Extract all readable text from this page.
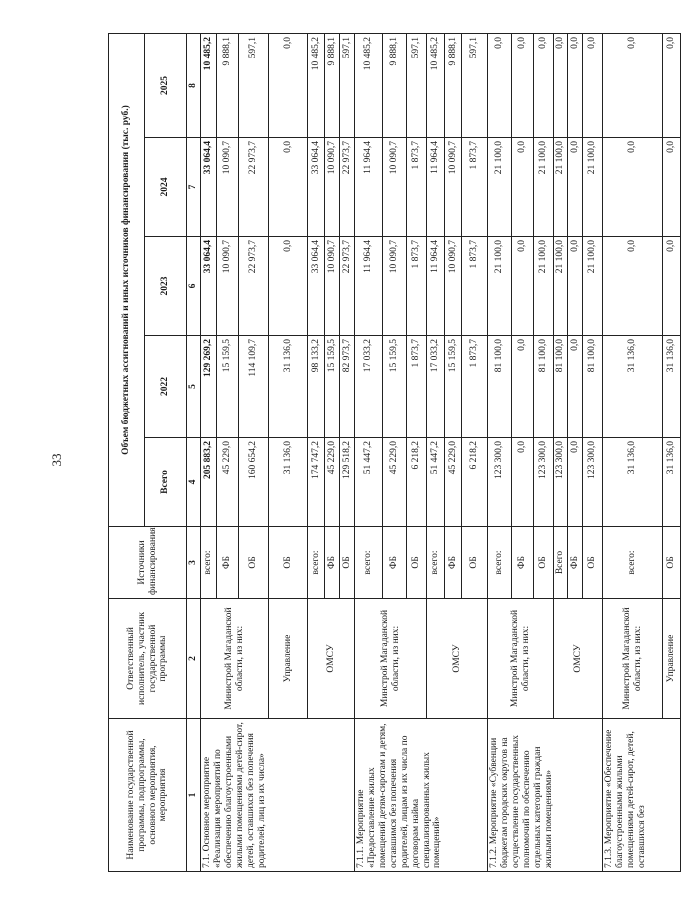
33
Наименование государственной программы, подпрограммы, основного мероприятия, мероприятия	Ответственный исполнитель, участник государственной программы	Источники финансирования	Объем бюджетных ассигнований и иных источников финансирования (тыс. руб.)				
			Всего	2022	2023	2024	2025
1	2	3	4	5	6	7	8
7.1. Основное мероприятие «Реализация мероприятий по обеспечению благоустроенными жилыми помещениями детей-сирот, детей, оставшихся без попечения родителей, лиц из их числа»	Министрой Магаданской области, из них:	всего:	205 883,2	129 269,2	33 064,4	33 064,4	10 485,2
		ФБ	45 229,0	15 159,5	10 090,7	10 090,7	9 888,1
		ОБ	160 654,2	114 109,7	22 973,7	22 973,7	597,1
	Управление	ОБ	31 136,0	31 136,0	0,0	0,0	0,0
	ОМСУ	всего:	174 747,2	98 133,2	33 064,4	33 064,4	10 485,2
		ФБ	45 229,0	15 159,5	10 090,7	10 090,7	9 888,1
		ОБ	129 518,2	82 973,7	22 973,7	22 973,7	597,1
7.1.1. Мероприятие «Предоставление жилых помещений детям-сиротам и детям, оставшимся без попечения родителей, лицам из их числа по договорам найма специализированных жилых помещений»	Минстрой Магаданской области, из них:	всего:	51 447,2	17 033,2	11 964,4	11 964,4	10 485,2
		ФБ	45 229,0	15 159,5	10 090,7	10 090,7	9 888,1
		ОБ	6 218,2	1 873,7	1 873,7	1 873,7	597,1
	ОМСУ	всего:	51 447,2	17 033,2	11 964,4	11 964,4	10 485,2
		ФБ	45 229,0	15 159,5	10 090,7	10 090,7	9 888,1
		ОБ	6 218,2	1 873,7	1 873,7	1 873,7	597,1
7.1.2. Мероприятие «Субвенции бюджетам городских округов на осуществление государственных полномочий по обеспечению отдельных категорий граждан жилыми помещениями»	Минстрой Магаданской области, из них:	всего:	123 300,0	81 100,0	21 100,0	21 100,0	0,0
		ФБ	0,0	0,0	0,0	0,0	0,0
		ОБ	123 300,0	81 100,0	21 100,0	21 100,0	0,0
	ОМСУ	Всего	123 300,0	81 100,0	21 100,0	21 100,0	0,0
		ФБ	0,0	0,0	0,0	0,0	0,0
		ОБ	123 300,0	81 100,0	21 100,0	21 100,0	0,0
7.1.3. Мероприятие «Обеспечение благоустроенными жилыми помещениями детей-сирот, детей, оставшихся без	Министрой Магаданской области, из них:	всего:	31 136,0	31 136,0	0,0	0,0	0,0
	Управление	ОБ	31 136,0	31 136,0	0,0	0,0	0,0
